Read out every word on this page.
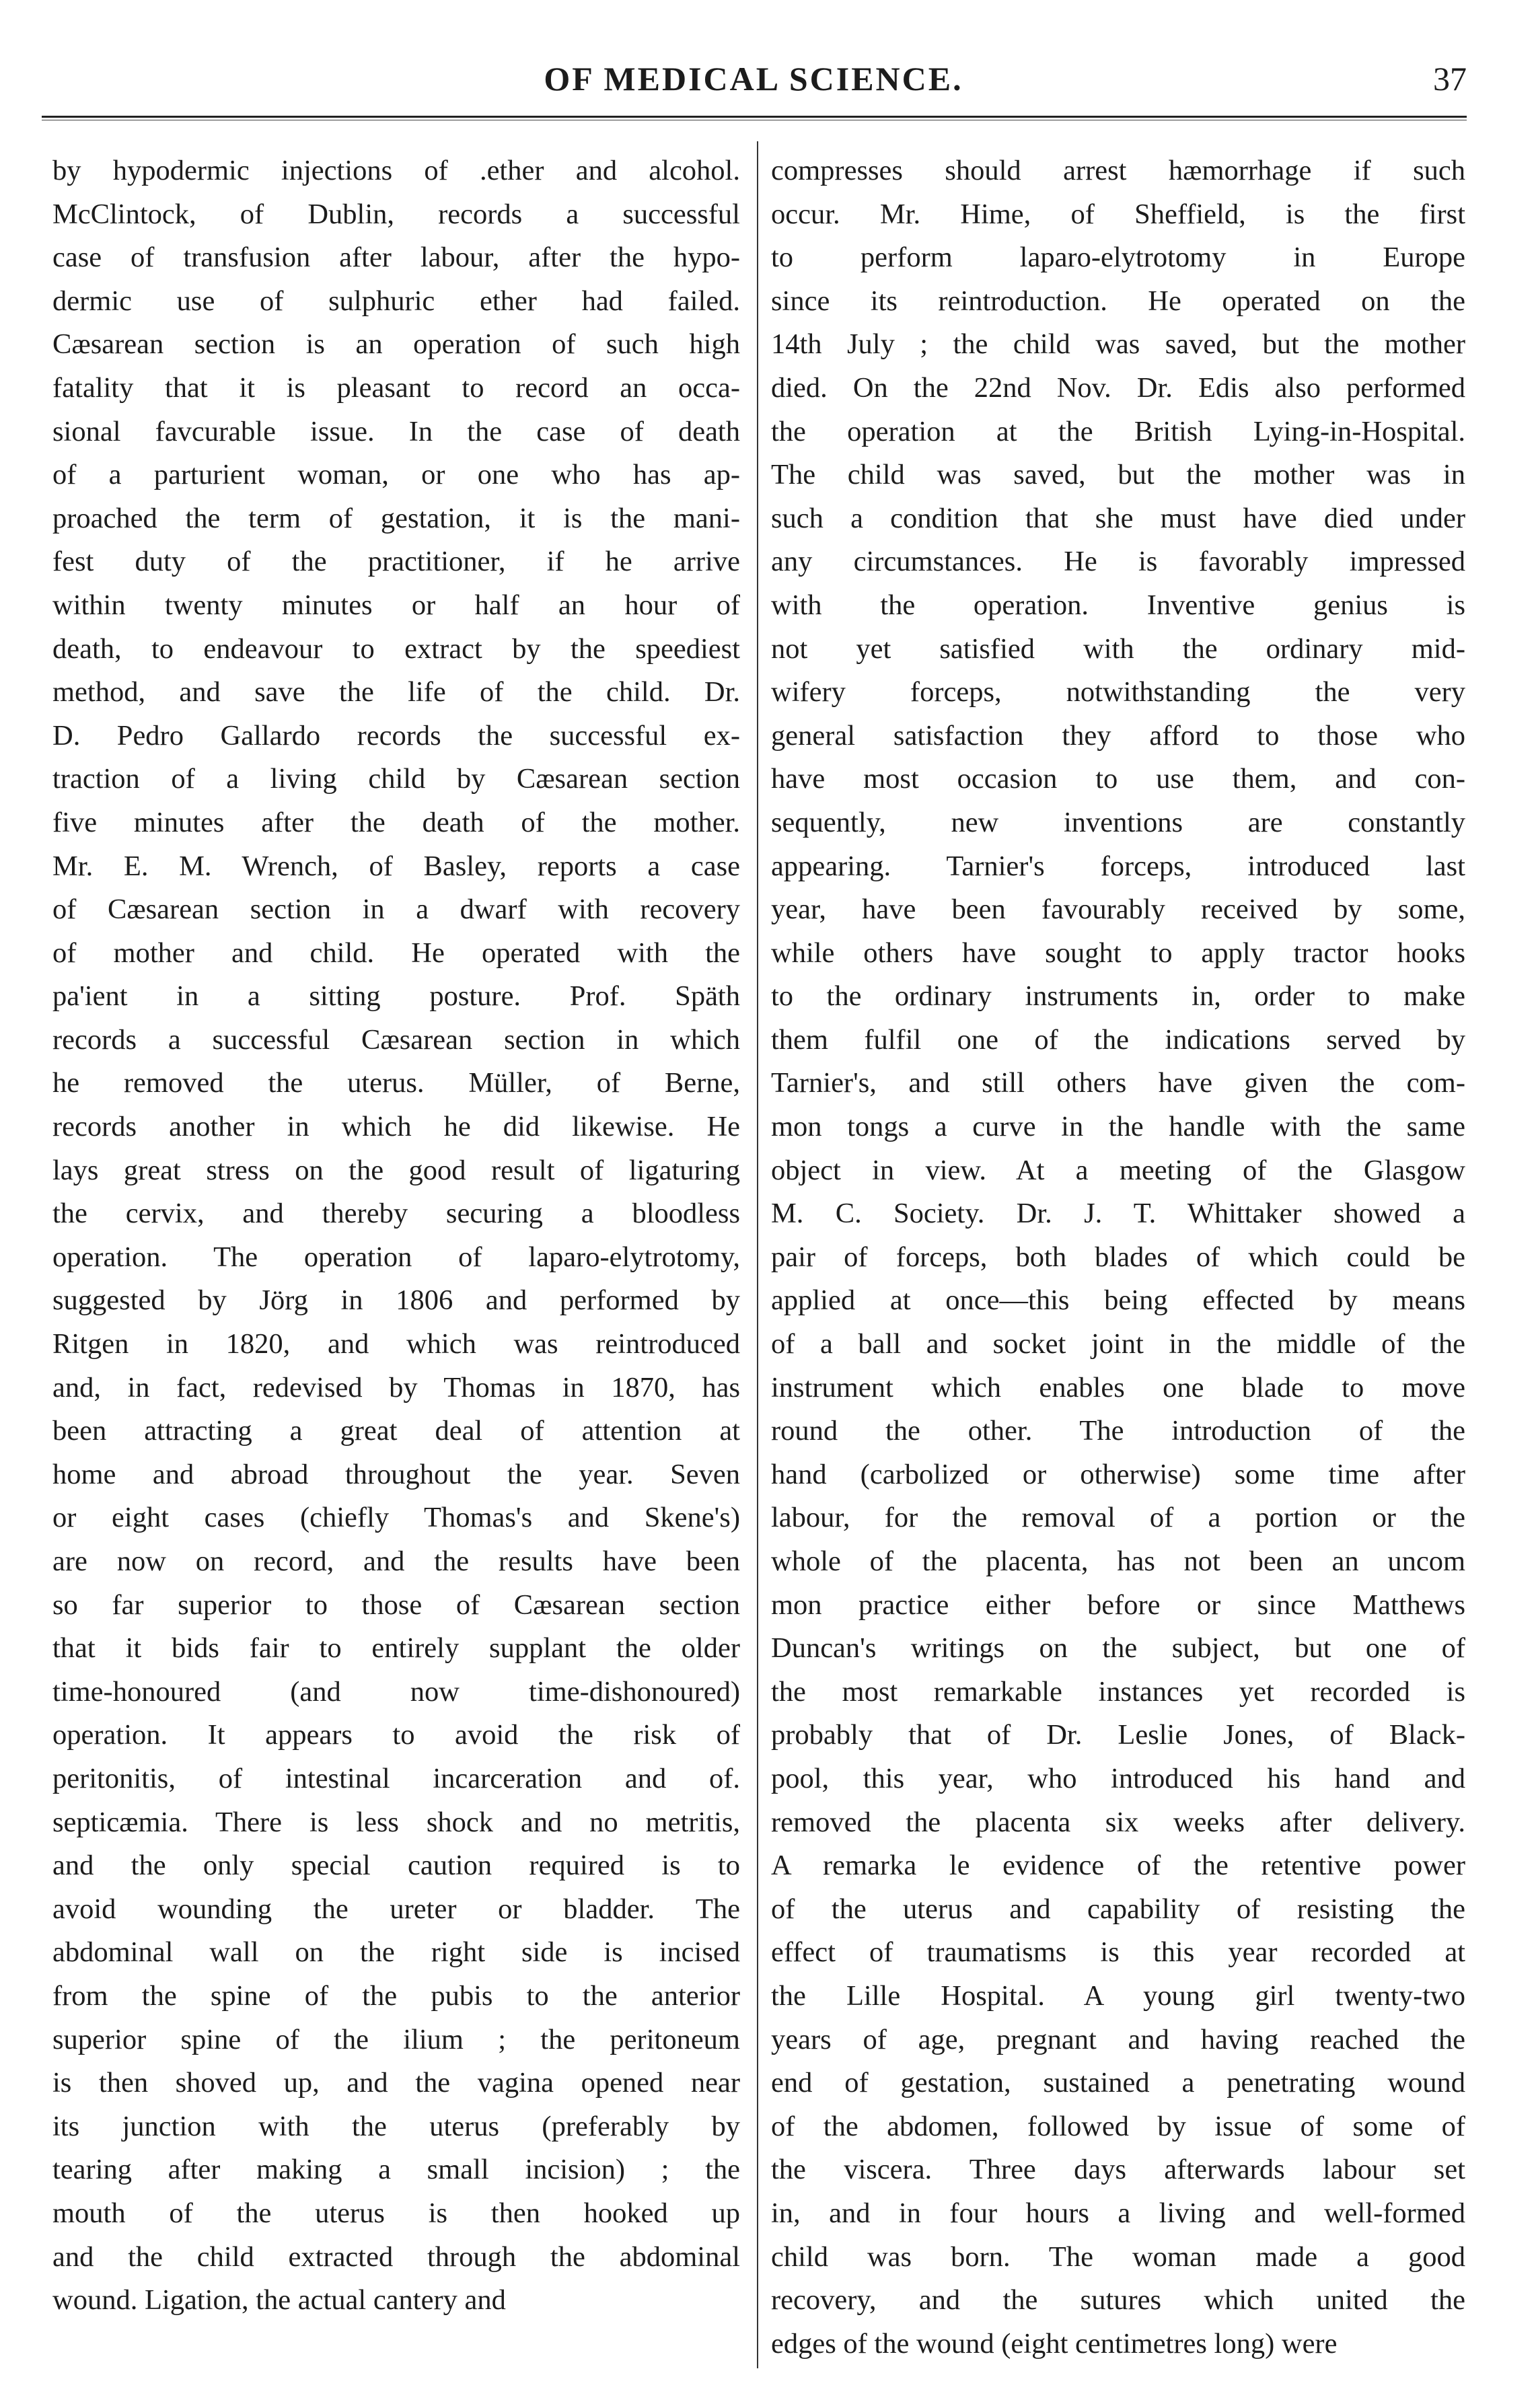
OF MEDICAL SCIENCE.	37
by hypodermic injections of .ether and alcohol.
McClintock, of Dublin, records a successful
case of transfusion after labour, after the hypo-
dermic use of sulphuric ether had failed.
Cæsarean section is an operation of such high
fatality that it is pleasant to record an occa-
sional favcurable issue. In the case of death
of a parturient woman, or one who has ap-
proached the term of gestation, it is the mani-
fest duty of the practitioner, if he arrive
within twenty minutes or half an hour of
death, to endeavour to extract by the speediest
method, and save the life of the child. Dr.
D. Pedro Gallardo records the successful ex-
traction of a living child by Cæsarean section
five minutes after the death of the mother.
Mr. E. M. Wrench, of Basley, reports a case
of Cæsarean section in a dwarf with recovery
of mother and child. He operated with the
pa'ient in a sitting posture. Prof. Späth
records a successful Cæsarean section in which
he removed the uterus. Müller, of Berne,
records another in which he did likewise. He
lays great stress on the good result of ligaturing
the cervix, and thereby securing a bloodless
operation. The operation of laparo-elytrotomy,
suggested by Jörg in 1806 and performed by
Ritgen in 1820, and which was reintroduced
and, in fact, redevised by Thomas in 1870, has
been attracting a great deal of attention at
home and abroad throughout the year. Seven
or eight cases (chiefly Thomas's and Skene's)
are now on record, and the results have been
so far superior to those of Cæsarean section
that it bids fair to entirely supplant the older
time-honoured (and now time-dishonoured)
operation. It appears to avoid the risk of
peritonitis, of intestinal incarceration and of.
septicæmia. There is less shock and no metritis,
and the only special caution required is to
avoid wounding the ureter or bladder. The
abdominal wall on the right side is incised
from the spine of the pubis to the anterior
superior spine of the ilium ; the peritoneum
is then shoved up, and the vagina opened near
its junction with the uterus (preferably by
tearing after making a small incision) ; the
mouth of the uterus is then hooked up
and the child extracted through the abdominal
wound. Ligation, the actual cantery and
compresses should arrest hæmorrhage if such
occur. Mr. Hime, of Sheffield, is the first
to perform laparo-elytrotomy in Europe
since its reintroduction. He operated on the
14th July ; the child was saved, but the mother
died. On the 22nd Nov. Dr. Edis also performed
the operation at the British Lying-in-Hospital.
The child was saved, but the mother was in
such a condition that she must have died under
any circumstances. He is favorably impressed
with the operation. Inventive genius is
not yet satisfied with the ordinary mid-
wifery forceps, notwithstanding the very
general satisfaction they afford to those who
have most occasion to use them, and con-
sequently, new inventions are constantly
appearing. Tarnier's forceps, introduced last
year, have been favourably received by some,
while others have sought to apply tractor hooks
to the ordinary instruments in, order to make
them fulfil one of the indications served by
Tarnier's, and still others have given the com-
mon tongs a curve in the handle with the same
object in view. At a meeting of the Glasgow
M. C. Society. Dr. J. T. Whittaker showed a
pair of forceps, both blades of which could be
applied at once—this being effected by means
of a ball and socket joint in the middle of the
instrument which enables one blade to move
round the other. The introduction of the
hand (carbolized or otherwise) some time after
labour, for the removal of a portion or the
whole of the placenta, has not been an uncom
mon practice either before or since Matthews
Duncan's writings on the subject, but one of
the most remarkable instances yet recorded is
probably that of Dr. Leslie Jones, of Black-
pool, this year, who introduced his hand and
removed the placenta six weeks after delivery.
A remarka le evidence of the retentive power
of the uterus and capability of resisting the
effect of traumatisms is this year recorded at
the Lille Hospital. A young girl twenty-two
years of age, pregnant and having reached the
end of gestation, sustained a penetrating wound
of the abdomen, followed by issue of some of
the viscera. Three days afterwards labour set
in, and in four hours a living and well-formed
child was born. The woman made a good
recovery, and the sutures which united the
edges of the wound (eight centimetres long) were
